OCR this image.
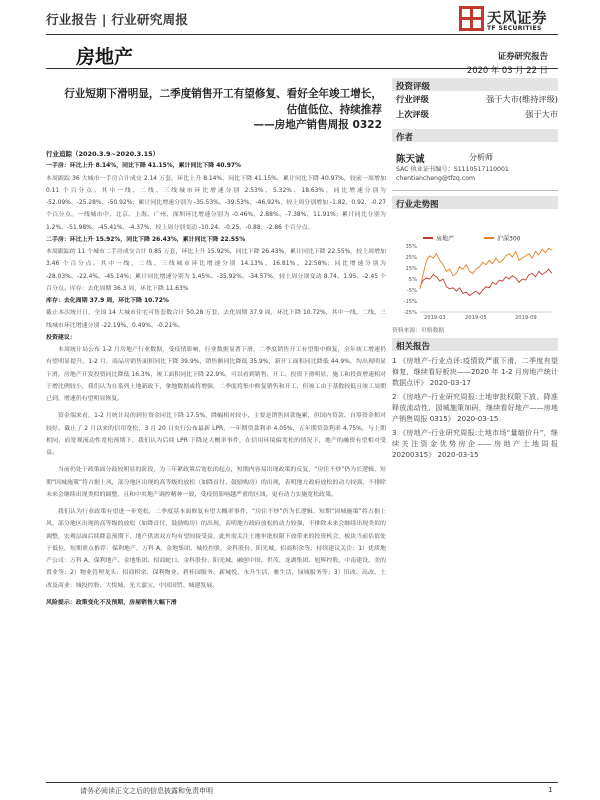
行业报告 | 行业研究周报	天风证券
TF SECURITIES
房地产	证券研究报告
2020 年 03 月 22 日
行业短期下滑明显，二季度销售开工有望修复、看好全年竣工增长，
估值低位、持续推荐
——房地产销售周报 0322
投资评级
行业评级	强于大市(维持评级)
上次评级	强于大市
作者
陈天诚	分析师
SAC 执业证书编号：S1110517110001
chentiancheng@tfzq.com
行业走势图
房地产	沪深300
35%
25%
15%
5%
-5%
-15%
-25%
2019-03	2019-05	2019-09
资料来源：贝格数据
相关报告

1 《房地产-行业点评:疫情致严重下滑，二季度有望修复，继续看好板块——2020 年 1-2 月房地产统计数据点评》 2020-03-17

2 《房地产-行业研究周报:土地审批权限下放、降准释放流动性、园城施策加码，继续看好地产——房地产销售周报 0315》 2020-03-15

3 《房地产-行业研究周报:土地市场“量缩价升”，继续关注资金优势房企——房地产土地周报 20200315》 2020-03-15

行业追踪（2020.3.9~2020.3.15）

一手房：环比上升 8.14%，同比下降 41.15%，累计同比下降 40.97%

本周跟踪 36 大城市一手房合计成交 2.14 万套，环比上升 8.14%，同比下降 41.15%，累计同比下降 40.97%，较前一周增加 0.11 个百分点。其中一线、二线、三线城市环比增速分别 2.53%、5.32%、18.63%，同比增速分别为 -52.09%、-25.28%、-50.92%；累计同比增速分别为 -35.53%、-39.53%、-46.92%，较上周分别增加 -1.82、0.92、-0.27 个百分点。一线城市中，北京、上海、广州、深圳环比增速分别为 -0.46%、2.88%、-7.38%、11.91%；累计同比分别为 1.2%、-51.98%、-45.41%、-4.37%，较上周分别变动 -10.24、-0.25、-0.88、-2.86 个百分点。

二手房：环比上升 15.92%，同比下降 26.43%，累计同比下降 22.55%

本周跟踪的 11 个城市二手房成交合计 0.85 万套，环比上升 15.92%，同比下降 26.43%，累计同比下降 22.55%，较上周增加 3.46 个百分点。其中一线、二线、三线城市环比增速分别 14.13%、16.81%、22.58%；同比增速分别为 -28.03%、-22.4%、-45.14%；累计同比增速分别为 1.45%、-35.92%、-34.57%，较上周分别变动 8.74、1.95、-2.45 个百分点。库存：去化周期 36.3 周，环比下降 11.63%

库存：去化周期 37.9 周，环比下降 10.72%

截止本次统计日，全国 14 大城市住宅可售套数合计 50.28 万套，去化周期 37.9 周，环比下降 10.72%，其中一线、二线、三线城市环比增速分别 -22.19%、0.49%、-0.21%。

投资建议：

本周统计局公布 1-2 月房地产行业数据，受疫情影响，行业数据显著下滑，二季度销售开工有望集中修复，全年竣工增速仍有望明显提升。1-2 月，商品房销售面积同比下降 39.9%，销售额同比降低 35.9%，新开工面积同比降低 44.9%，均出现明显下滑，房地产开发投资同比降低 16.3%，竣工面积同比下降 22.9%，可以看到销售、开工、投资下滑明显，施工和投资增速相对于增比例较小，我们认为在系列土地新政下，拿地数据或将增强，二季度将集中修复销售和开工，但竣工由于基数较低且竣工周期已到，增速仍有望明显恢复。

资金端来看，1-2 月统计局的到位资金同比下降 17.5%，降幅相对较小，主要是销售回款拖累，但国内贷款、自筹资金相对较好。截止了 2 月以来的信用宽松，3 月 20 日央行公布最新 LPR，一年期贷款利率 4.05%，五年期贷款利率 4.75%，与上期相同，而宽观流动性宽松预期下，我们认为后续 LPR 下降是大概率事件，在信用环境偏宽松的情况下，地产的融资有望相对受益。

当前仍处于政策面分歧较明显的阶段，为三年紧政策后宽松的起点，短期内容易出现政策的反复，“房住不炒”仍为长逻辑，短期“因城施策”将占据上风，部分地区出现的高等级的放松（如降首付、鼓励购房）的出现，表明地方政府放松的动力较强，不排除未来会继续出现类似的调整，且和中央地产调控精神一致，受疫情影响越严重的区域，更有动力实施宽松政策。

我们认为行业政策有望进一步宽松，二季度基本面修复有望大概率事件，“房住不炒”仍为长逻辑，短期“因城施策”将占据上风，部分地区出现的高等级的放松（如降首付、鼓励购房）的出现，表明地方政府放松的动力较强，不排除未来会继续出现类似的调整，宏观层面后续降息预期下，地产供需双方均有望间接受益，此外需关注土地审批权限下放带来的投资机会，板块当前估值处于低位，短期重点推荐：保利地产，万科 A，金地集团，城投控股，金科股份，阳光城，招商积余等；持续建议关注：1）优质地产公司：万科 A、保利地产、金地集团、招商蛇口、金科股份、阳光城、融创中国、世茂、龙湖集团、旭辉控股、中南建设、美的置业等；2）物业管理龙头：招商积余、保利物业、碧桂园服务、新城悦、永升生活、雅生活、绿城服务等；3）旧改、高改、土改及商业：城投控股、大悦城、光大嘉宝、中国国贸、城建发展。

风险提示：政策变化不及预期，房屋销售大幅下滑

请务必阅读正文之后的信息披露和免责申明	1
